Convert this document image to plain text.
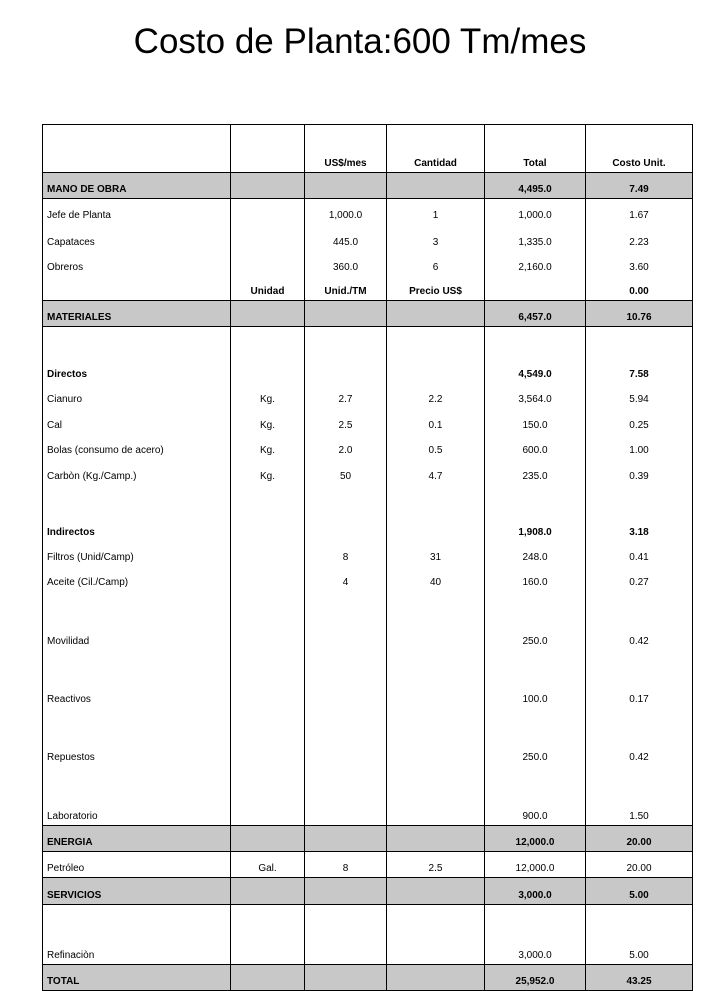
Costo de Planta:600 Tm/mes
		US$/mes	Cantidad	Total	Costo Unit.
MANO DE OBRA				4,495.0	7.49
Jefe de Planta		1,000.0	1	1,000.0	1.67
Capataces		445.0	3	1,335.0	2.23
Obreros		360.0	6	2,160.0	3.60
	Unidad	Unid./TM	Precio US$		0.00
MATERIALES				6,457.0	10.76
Directos				4,549.0	7.58
Cianuro	Kg.	2.7	2.2	3,564.0	5.94
Cal	Kg.	2.5	0.1	150.0	0.25
Bolas (consumo de acero)	Kg.	2.0	0.5	600.0	1.00
Carbòn (Kg./Camp.)	Kg.	50	4.7	235.0	0.39
Indirectos				1,908.0	3.18
Filtros (Unid/Camp)		8	31	248.0	0.41
Aceite (Cil./Camp)		4	40	160.0	0.27
Movilidad				250.0	0.42
Reactivos				100.0	0.17
Repuestos				250.0	0.42
Laboratorio				900.0	1.50
ENERGIA				12,000.0	20.00
Petróleo	Gal.	8	2.5	12,000.0	20.00
SERVICIOS				3,000.0	5.00
Refinaciòn				3,000.0	5.00
TOTAL				25,952.0	43.25
